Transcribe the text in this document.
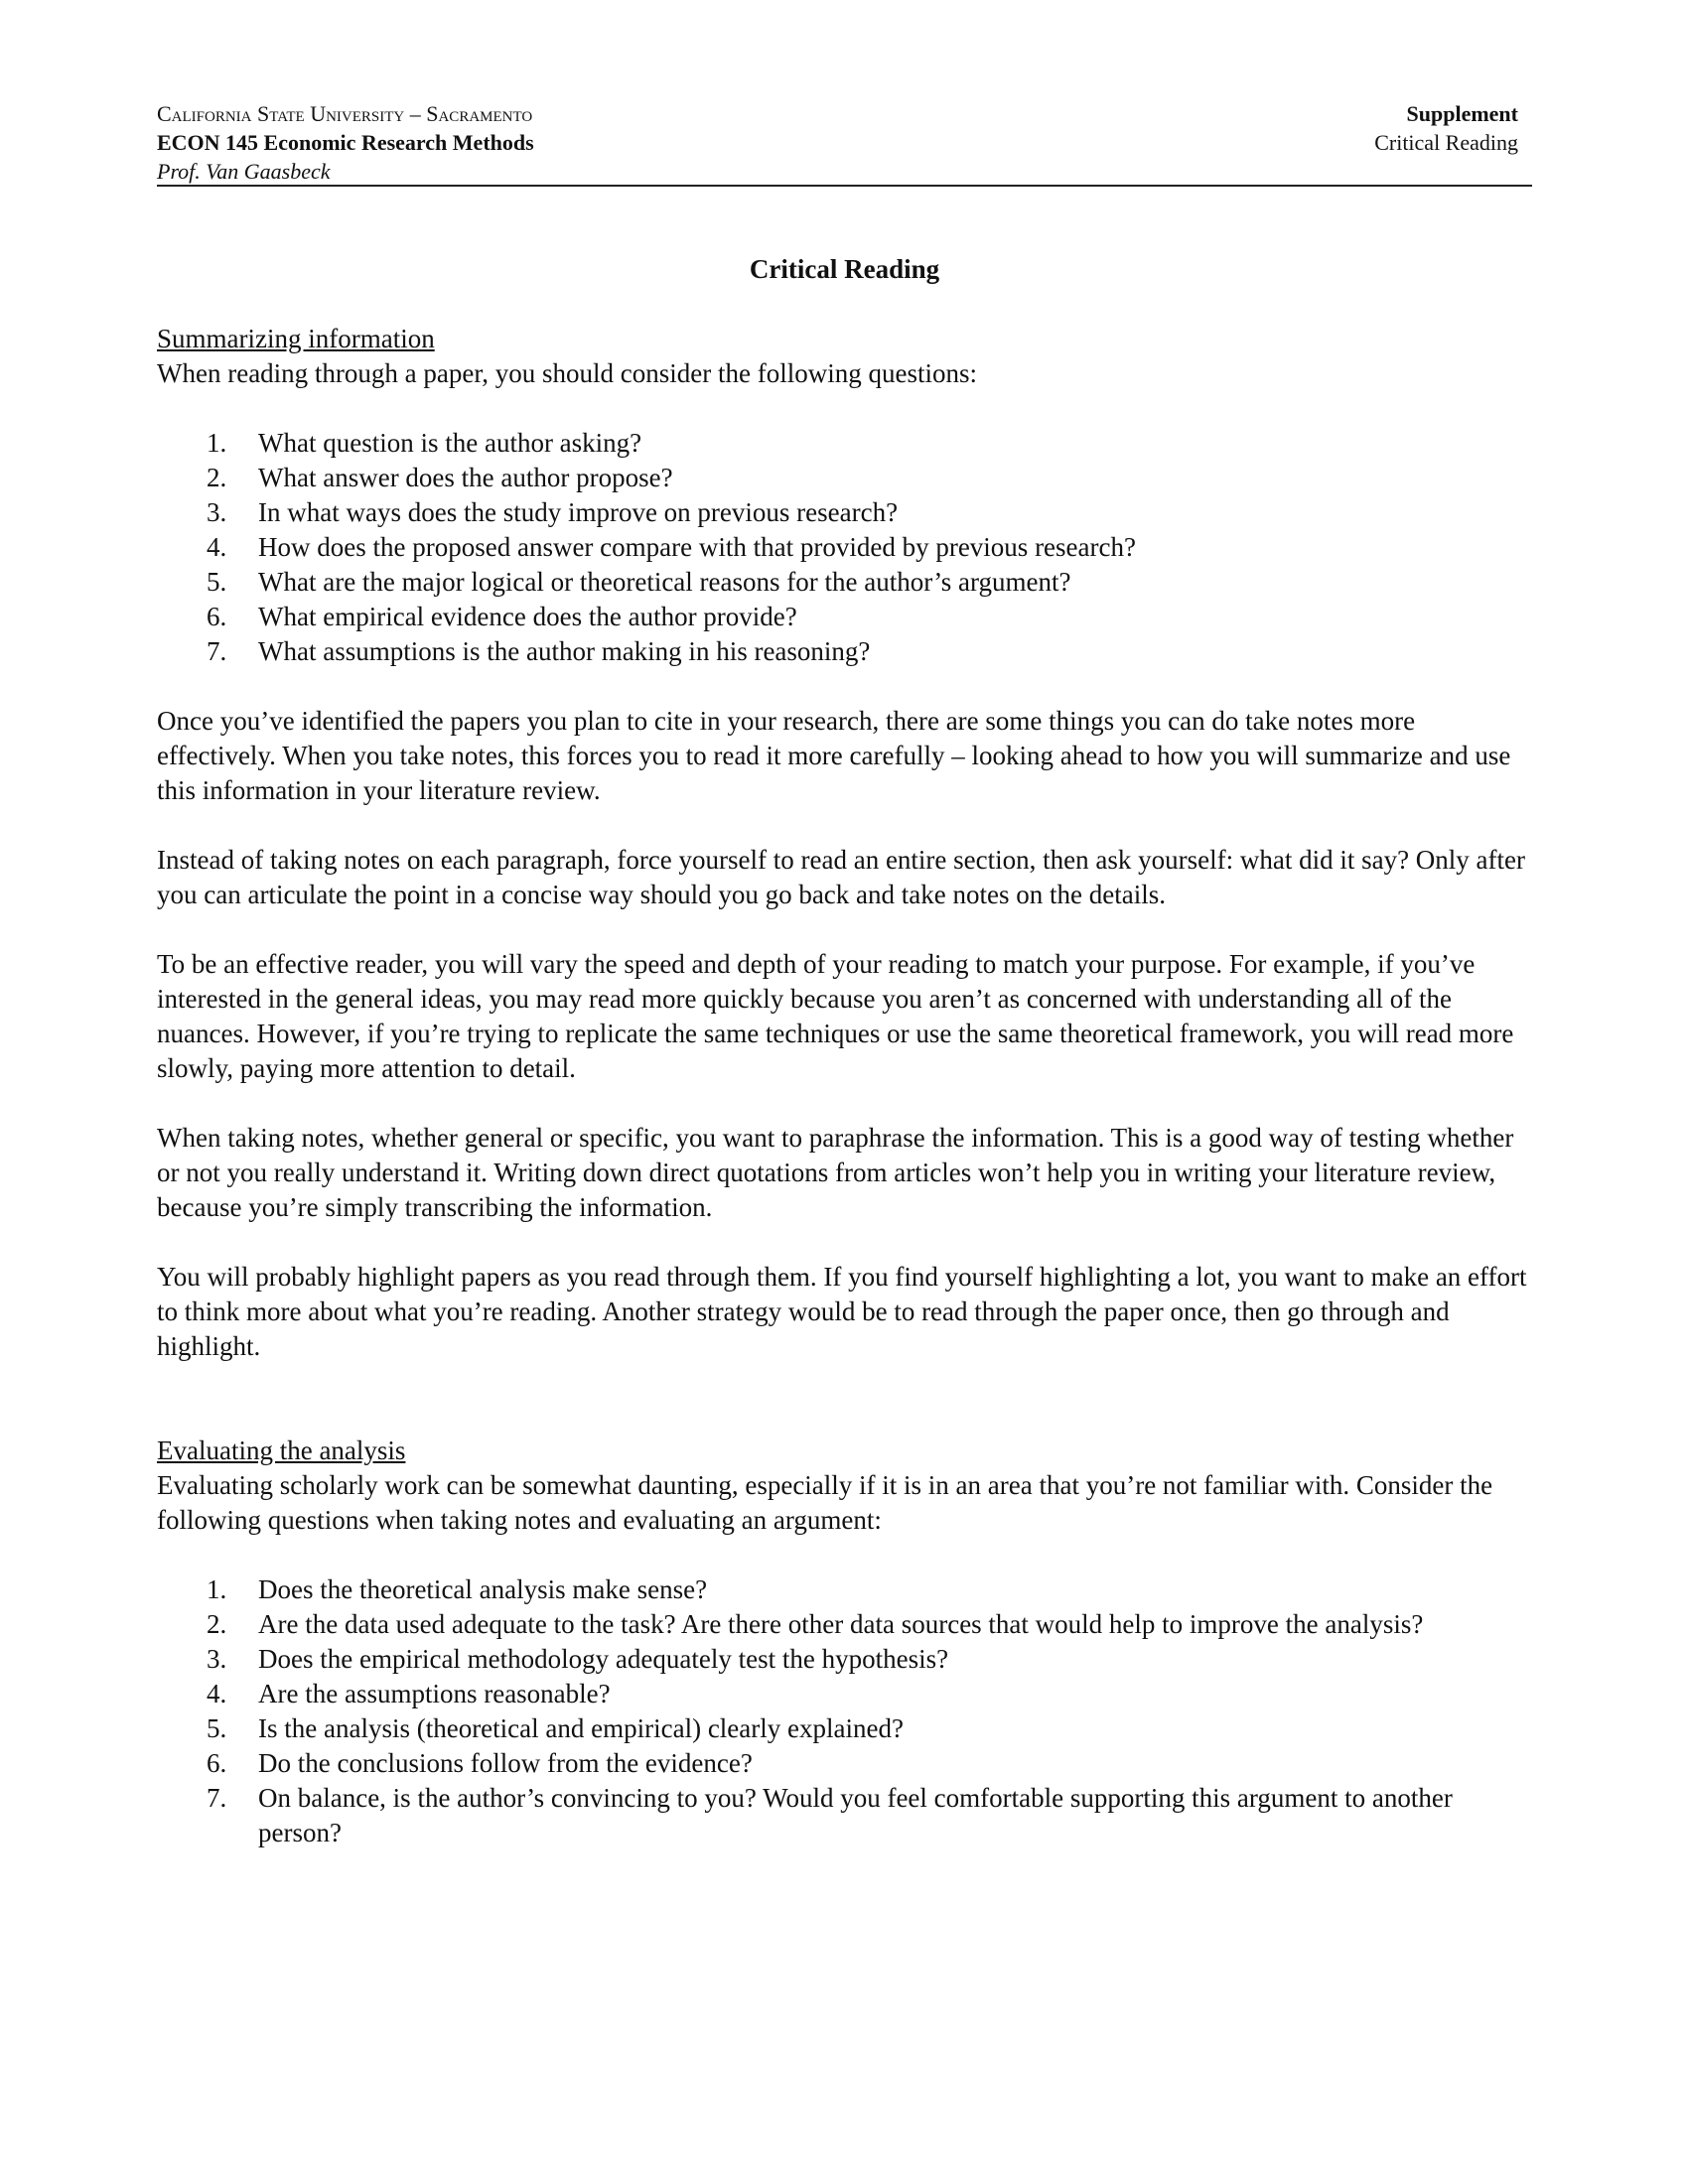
California State University – Sacramento
ECON 145 Economic Research Methods
Prof. Van Gaasbeck
Supplement
Critical Reading
Critical Reading
Summarizing information

When reading through a paper, you should consider the following questions:

1.	What question is the author asking?
2.	What answer does the author propose?
3.	In what ways does the study improve on previous research?
4.	How does the proposed answer compare with that provided by previous research?
5.	What are the major logical or theoretical reasons for the author’s argument?
6.	What empirical evidence does the author provide?
7.	What assumptions is the author making in his reasoning?

Once you’ve identified the papers you plan to cite in your research, there are some things you can do take notes more effectively. When you take notes, this forces you to read it more carefully – looking ahead to how you will summarize and use this information in your literature review.

Instead of taking notes on each paragraph, force yourself to read an entire section, then ask yourself: what did it say? Only after you can articulate the point in a concise way should you go back and take notes on the details.

To be an effective reader, you will vary the speed and depth of your reading to match your purpose. For example, if you’ve interested in the general ideas, you may read more quickly because you aren’t as concerned with understanding all of the nuances. However, if you’re trying to replicate the same techniques or use the same theoretical framework, you will read more slowly, paying more attention to detail.

When taking notes, whether general or specific, you want to paraphrase the information. This is a good way of testing whether or not you really understand it. Writing down direct quotations from articles won’t help you in writing your literature review, because you’re simply transcribing the information.

You will probably highlight papers as you read through them. If you find yourself highlighting a lot, you want to make an effort to think more about what you’re reading. Another strategy would be to read through the paper once, then go through and highlight.

Evaluating the analysis

Evaluating scholarly work can be somewhat daunting, especially if it is in an area that you’re not familiar with. Consider the following questions when taking notes and evaluating an argument:

1.	Does the theoretical analysis make sense?
2.	Are the data used adequate to the task? Are there other data sources that would help to improve the analysis?
3.	Does the empirical methodology adequately test the hypothesis?
4.	Are the assumptions reasonable?
5.	Is the analysis (theoretical and empirical) clearly explained?
6.	Do the conclusions follow from the evidence?
7.	On balance, is the author’s convincing to you? Would you feel comfortable supporting this argument to another person?
